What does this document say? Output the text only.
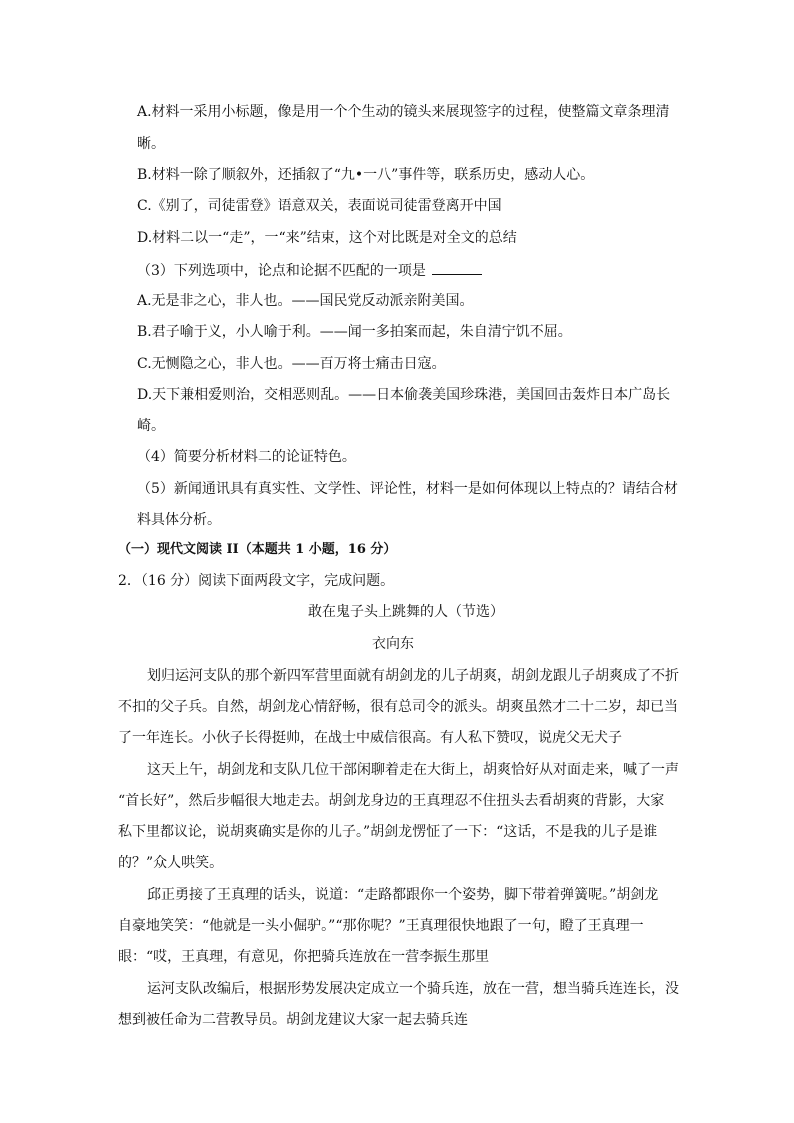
A.材料一采用小标题，像是用一个个生动的镜头来展现签字的过程，使整篇文章条理清
晰。
B.材料一除了顺叙外，还插叙了“九•一八”事件等，联系历史，感动人心。
C.《别了，司徒雷登》语意双关，表面说司徒雷登离开中国
D.材料二以一“走”，一“来”结束，这个对比既是对全文的总结
（3）下列选项中，论点和论据不匹配的一项是
A.无是非之心，非人也。——国民党反动派亲附美国。
B.君子喻于义，小人喻于利。——闻一多拍案而起，朱自清宁饥不屈。
C.无恻隐之心，非人也。——百万将士痛击日寇。
D.天下兼相爱则治，交相恶则乱。——日本偷袭美国珍珠港，美国回击轰炸日本广岛长
崎。
（4）简要分析材料二的论证特色。
（5）新闻通讯具有真实性、文学性、评论性，材料一是如何体现以上特点的？请结合材
料具体分析。
（一）现代文阅读 II（本题共 1 小题，16 分）
2．（16 分）阅读下面两段文字，完成问题。
敢在鬼子头上跳舞的人（节选）
衣向东
划归运河支队的那个新四军营里面就有胡剑龙的儿子胡爽，胡剑龙跟儿子胡爽成了不折
不扣的父子兵。自然，胡剑龙心情舒畅，很有总司令的派头。胡爽虽然才二十二岁，却已当
了一年连长。小伙子长得挺帅，在战士中威信很高。有人私下赞叹，说虎父无犬子
这天上午，胡剑龙和支队几位干部闲聊着走在大街上，胡爽恰好从对面走来，喊了一声
“首长好”，然后步幅很大地走去。胡剑龙身边的王真理忍不住扭头去看胡爽的背影，大家
私下里都议论，说胡爽确实是你的儿子。”胡剑龙愣怔了一下：“这话，不是我的儿子是谁
的？”众人哄笑。
邱正勇接了王真理的话头，说道：“走路都跟你一个姿势，脚下带着弹簧呢。”胡剑龙
自豪地笑笑：“他就是一头小倔驴。”“那你呢？”王真理很快地跟了一句，瞪了王真理一
眼：“哎，王真理，有意见，你把骑兵连放在一营李振生那里
运河支队改编后，根据形势发展决定成立一个骑兵连，放在一营，想当骑兵连连长，没
想到被任命为二营教导员。胡剑龙建议大家一起去骑兵连
